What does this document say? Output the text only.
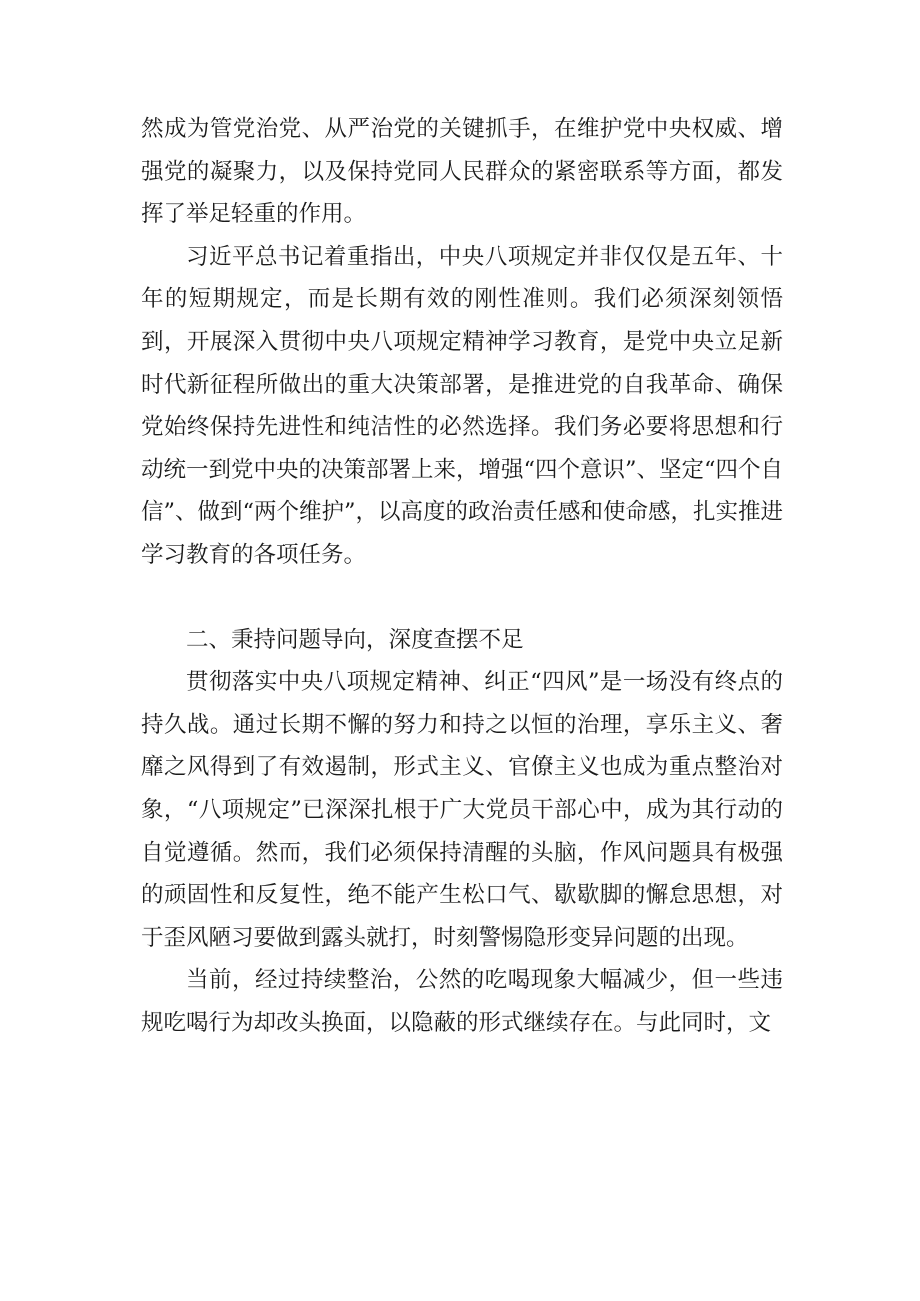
然成为管党治党、从严治党的关键抓手，在维护党中央权威、增强党的凝聚力，以及保持党同人民群众的紧密联系等方面，都发挥了举足轻重的作用。

习近平总书记着重指出，中央八项规定并非仅仅是五年、十年的短期规定，而是长期有效的刚性准则。我们必须深刻领悟到，开展深入贯彻中央八项规定精神学习教育，是党中央立足新时代新征程所做出的重大决策部署，是推进党的自我革命、确保党始终保持先进性和纯洁性的必然选择。我们务必要将思想和行动统一到党中央的决策部署上来，增强“四个意识”、坚定“四个自信”、做到“两个维护”，以高度的政治责任感和使命感，扎实推进学习教育的各项任务。

二、秉持问题导向，深度查摆不足

贯彻落实中央八项规定精神、纠正“四风”是一场没有终点的持久战。通过长期不懈的努力和持之以恒的治理，享乐主义、奢靡之风得到了有效遏制，形式主义、官僚主义也成为重点整治对象，“八项规定”已深深扎根于广大党员干部心中，成为其行动的自觉遵循。然而，我们必须保持清醒的头脑，作风问题具有极强的顽固性和反复性，绝不能产生松口气、歇歇脚的懈怠思想，对于歪风陋习要做到露头就打，时刻警惕隐形变异问题的出现。

当前，经过持续整治，公然的吃喝现象大幅减少，但一些违规吃喝行为却改头换面，以隐蔽的形式继续存在。与此同时，文
